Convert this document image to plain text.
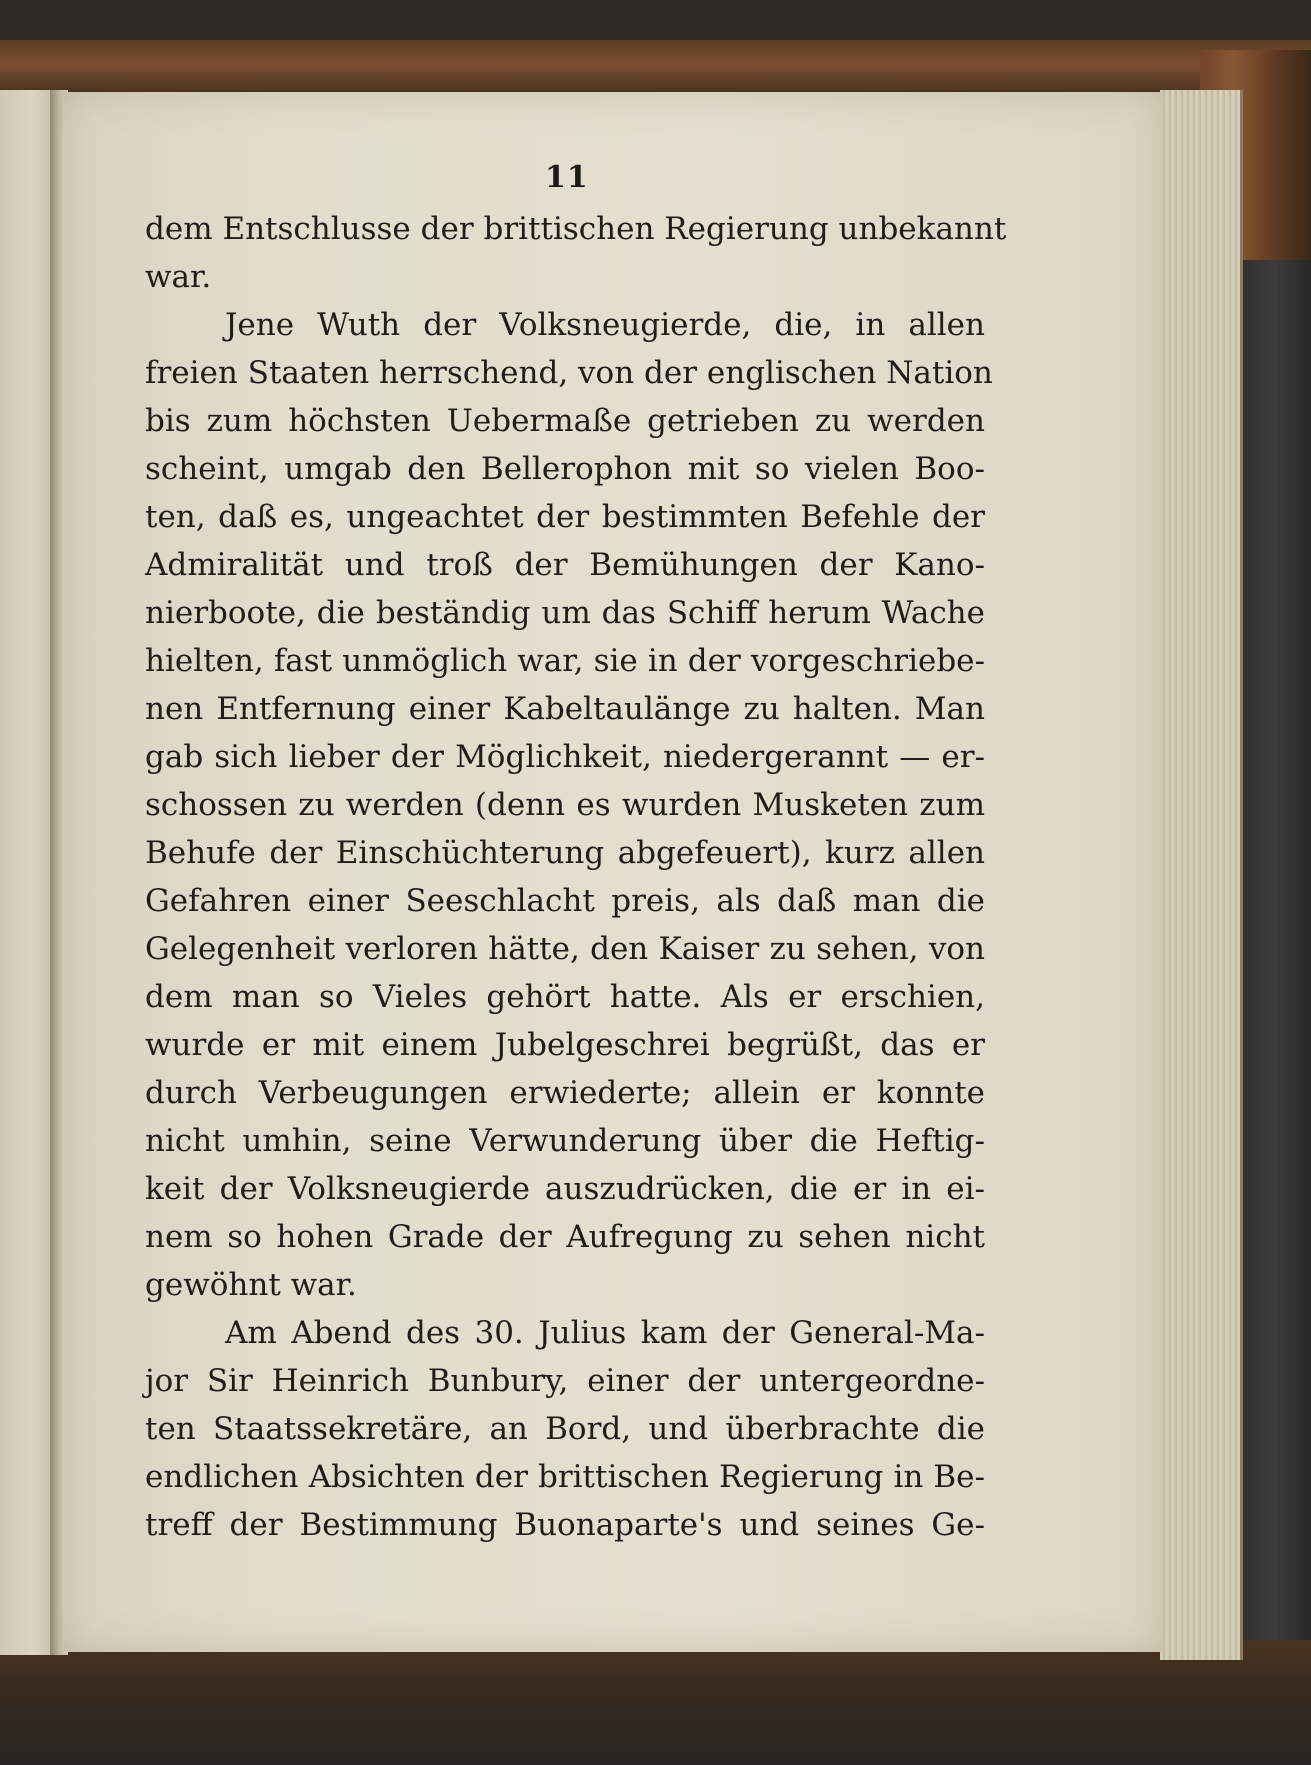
11
dem Entschlusse der brittischen Regierung unbekannt
war.
Jene Wuth der Volksneugierde, die, in allen
freien Staaten herrschend, von der englischen Nation
bis zum höchsten Uebermaße getrieben zu werden
scheint, umgab den Bellerophon mit so vielen Boo-
ten, daß es, ungeachtet der bestimmten Befehle der
Admiralität und troß der Bemühungen der Kano-
nierboote, die beständig um das Schiff herum Wache
hielten, fast unmöglich war, sie in der vorgeschriebe-
nen Entfernung einer Kabeltaulänge zu halten. Man
gab sich lieber der Möglichkeit, niedergerannt — er-
schossen zu werden (denn es wurden Musketen zum
Behufe der Einschüchterung abgefeuert), kurz allen
Gefahren einer Seeschlacht preis, als daß man die
Gelegenheit verloren hätte, den Kaiser zu sehen, von
dem man so Vieles gehört hatte. Als er erschien,
wurde er mit einem Jubelgeschrei begrüßt, das er
durch Verbeugungen erwiederte; allein er konnte
nicht umhin, seine Verwunderung über die Heftig-
keit der Volksneugierde auszudrücken, die er in ei-
nem so hohen Grade der Aufregung zu sehen nicht
gewöhnt war.
Am Abend des 30. Julius kam der General-Ma-
jor Sir Heinrich Bunbury, einer der untergeordne-
ten Staatssekretäre, an Bord, und überbrachte die
endlichen Absichten der brittischen Regierung in Be-
treff der Bestimmung Buonaparte's und seines Ge-
